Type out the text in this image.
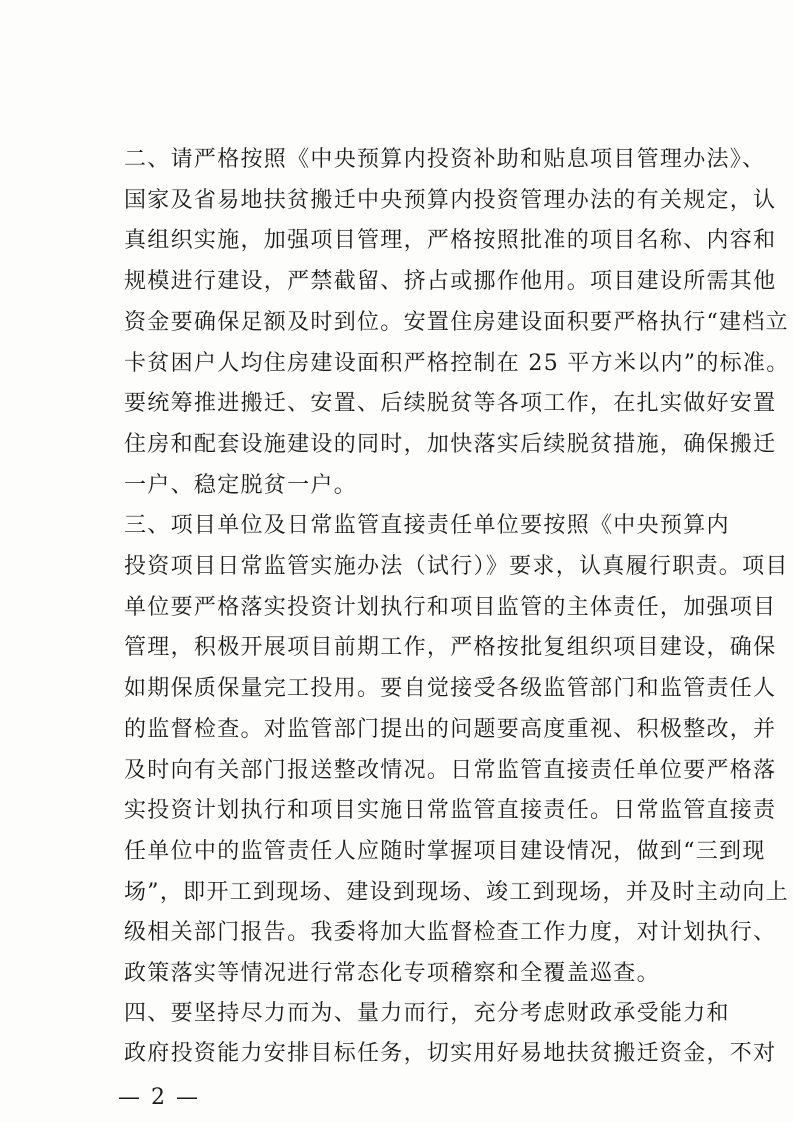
二、请严格按照《中央预算内投资补助和贴息项目管理办法》、
国家及省易地扶贫搬迁中央预算内投资管理办法的有关规定，认
真组织实施，加强项目管理，严格按照批准的项目名称、内容和
规模进行建设，严禁截留、挤占或挪作他用。项目建设所需其他
资金要确保足额及时到位。安置住房建设面积要严格执行“建档立
卡贫困户人均住房建设面积严格控制在 25 平方米以内”的标准。
要统筹推进搬迁、安置、后续脱贫等各项工作，在扎实做好安置
住房和配套设施建设的同时，加快落实后续脱贫措施，确保搬迁
一户、稳定脱贫一户。
三、项目单位及日常监管直接责任单位要按照《中央预算内
投资项目日常监管实施办法（试行）》要求，认真履行职责。项目
单位要严格落实投资计划执行和项目监管的主体责任，加强项目
管理，积极开展项目前期工作，严格按批复组织项目建设，确保
如期保质保量完工投用。要自觉接受各级监管部门和监管责任人
的监督检查。对监管部门提出的问题要高度重视、积极整改，并
及时向有关部门报送整改情况。日常监管直接责任单位要严格落
实投资计划执行和项目实施日常监管直接责任。日常监管直接责
任单位中的监管责任人应随时掌握项目建设情况，做到“三到现
场”，即开工到现场、建设到现场、竣工到现场，并及时主动向上
级相关部门报告。我委将加大监督检查工作力度，对计划执行、
政策落实等情况进行常态化专项稽察和全覆盖巡查。
四、要坚持尽力而为、量力而行，充分考虑财政承受能力和
政府投资能力安排目标任务，切实用好易地扶贫搬迁资金，不对
— 2 —
